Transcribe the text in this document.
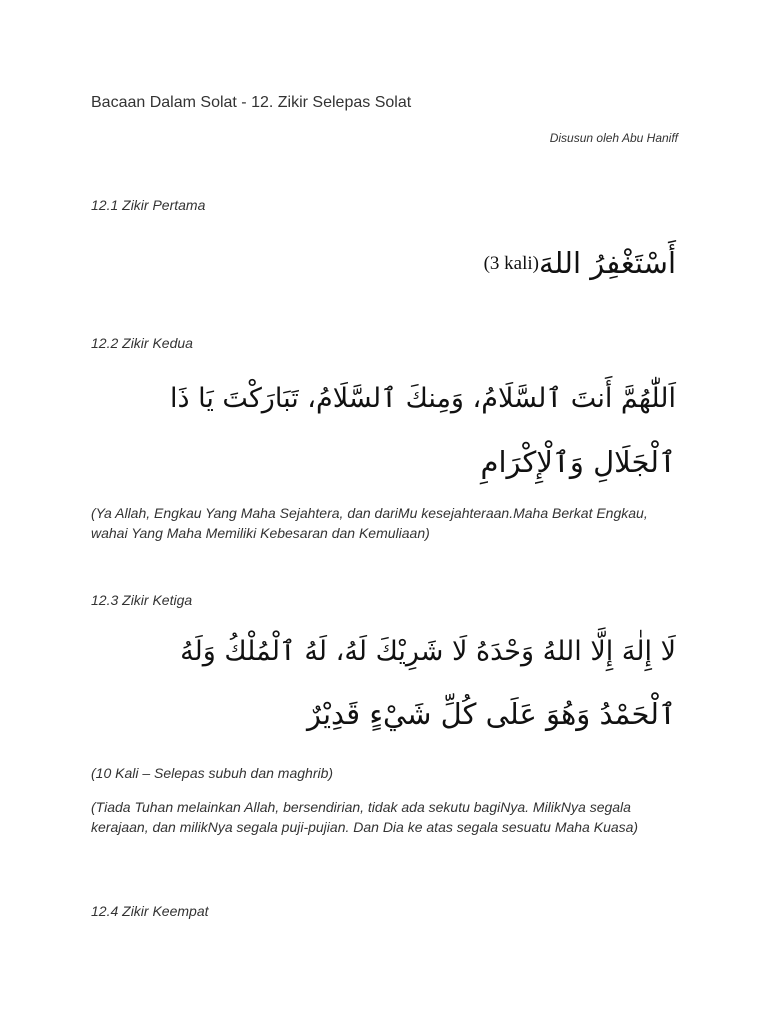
Bacaan Dalam Solat - 12. Zikir Selepas Solat
Disusun oleh Abu Haniff
12.1 Zikir Pertama
أَسْتَغْفِرُ اللهَ(3 kali)
12.2 Zikir Kedua
اَللّٰهُمَّ أَنتَ ٱلسَّلَامُ، وَمِنكَ ٱلسَّلَامُ، تَبَارَكْتَ يَا ذَا
ٱلْجَلَالِ وَٱلْإِكْرَامِ
(Ya Allah, Engkau Yang Maha Sejahtera, dan dariMu kesejahteraan.Maha Berkat Engkau, wahai Yang Maha Memiliki Kebesaran dan Kemuliaan)
12.3 Zikir Ketiga
لَا إِلٰهَ إِلَّا اللهُ وَحْدَهُ لَا شَرِيْكَ لَهُ، لَهُ ٱلْمُلْكُ وَلَهُ
ٱلْحَمْدُ وَهُوَ عَلَى كُلِّ شَيْءٍ قَدِيْرٌ
(10 Kali – Selepas subuh dan maghrib)
(Tiada Tuhan melainkan Allah, bersendirian, tidak ada sekutu bagiNya. MilikNya segala kerajaan, dan milikNya segala puji-pujian. Dan Dia ke atas segala sesuatu Maha Kuasa)
12.4 Zikir Keempat
